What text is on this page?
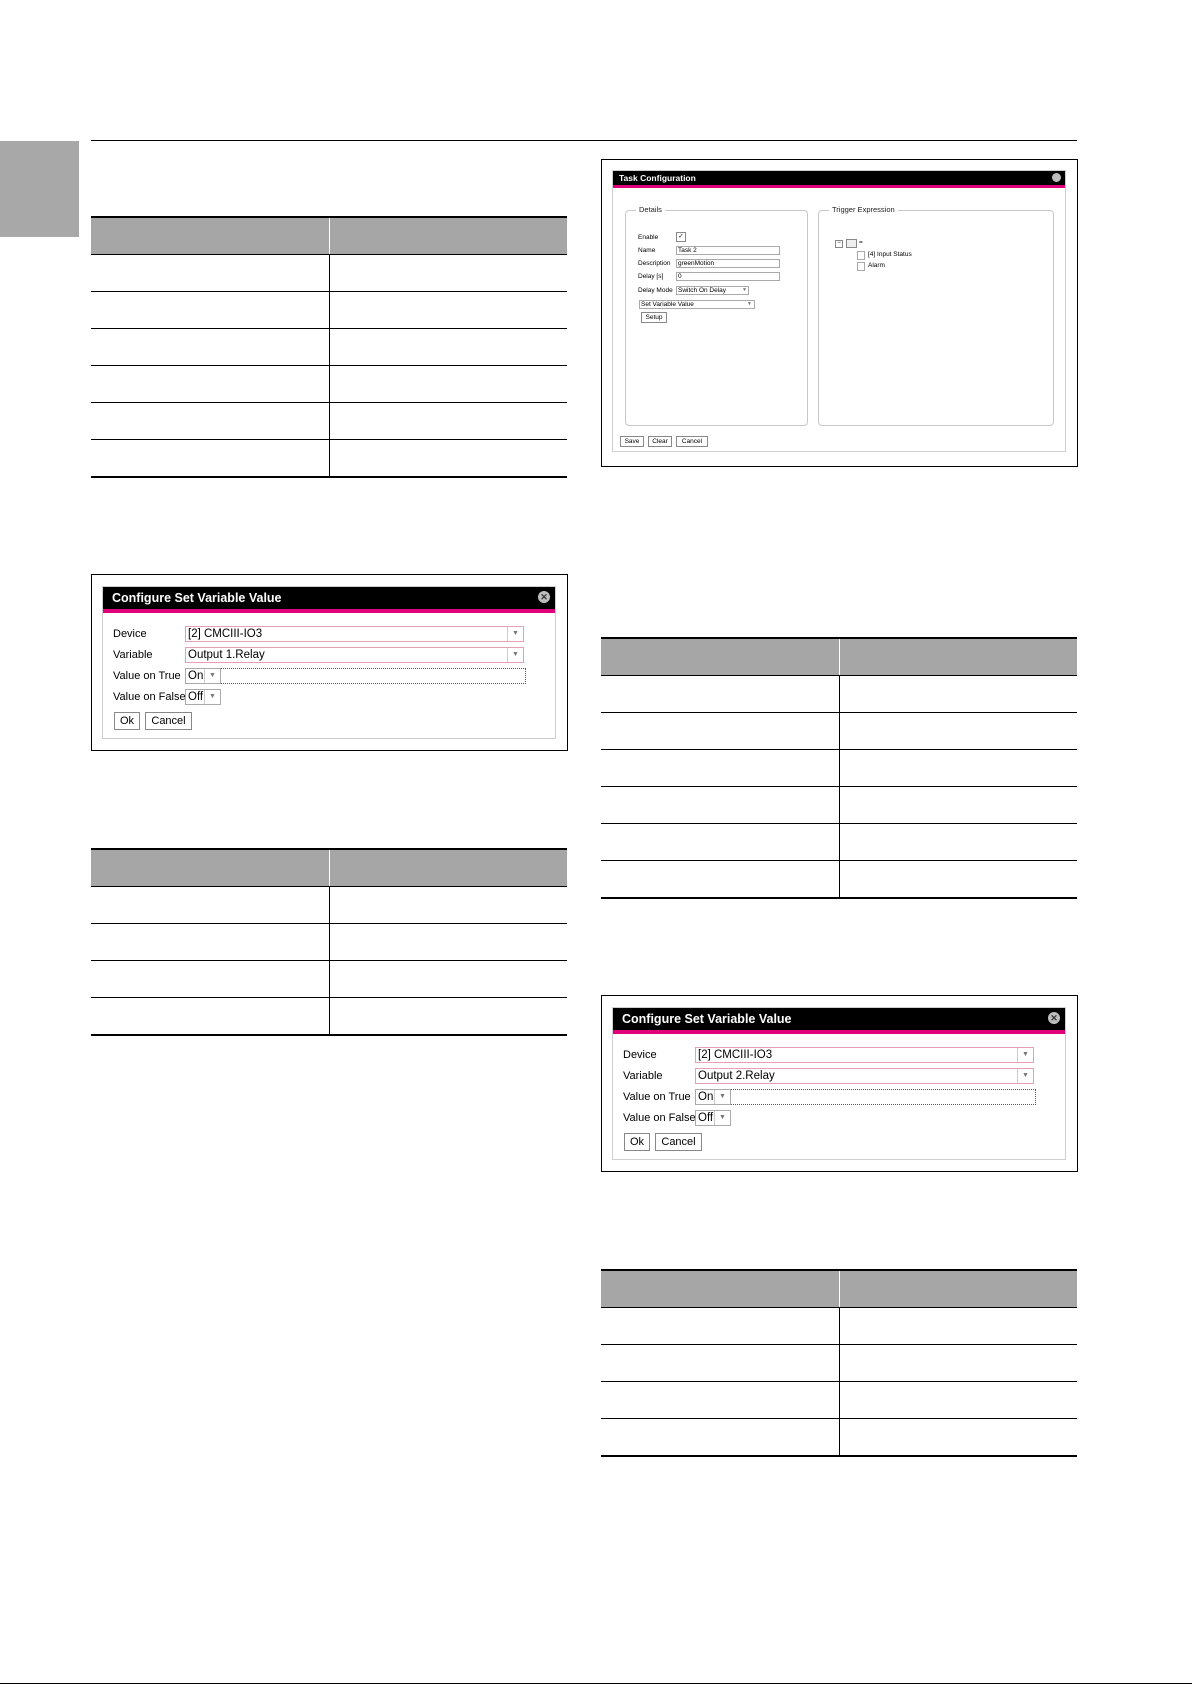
Task Configuration
Details
Enable	✓
Name	Task 2
Description	greenMotion
Delay [s]	0
Delay Mode Switch On Delay	▼
Set Variable Value	▼
Setup
Trigger Expression
−	=
[4] Input Status
Alarm
Save	Clear	Cancel
Configure Set Variable Value	✕
Device	[2] CMCIII-IO3	▼
Variable	Output 1.Relay	▼
Value on True On ▼
Value on False Off ▼
Ok	Cancel
Configure Set Variable Value	✕
Device	[2] CMCIII-IO3	▼
Variable	Output 2.Relay	▼
Value on True On ▼
Value on False Off ▼
Ok	Cancel
